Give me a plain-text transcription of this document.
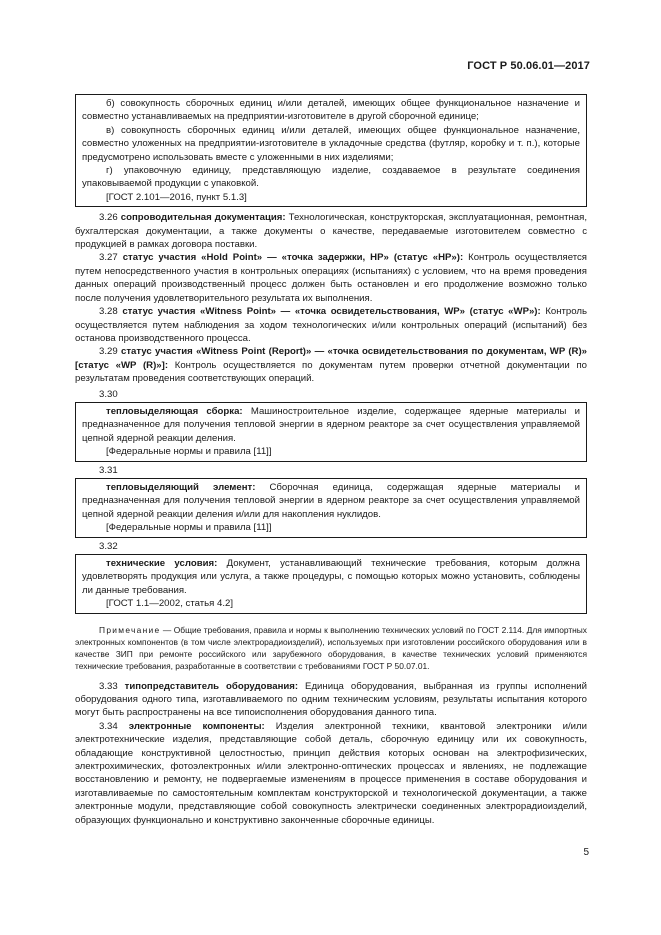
ГОСТ Р 50.06.01—2017

б) совокупность сборочных единиц и/или деталей, имеющих общее функциональное назначение и совместно устанавливаемых на предприятии-изготовителе в другой сборочной единице;

в) совокупность сборочных единиц и/или деталей, имеющих общее функциональное назначение, совместно уложенных на предприятии-изготовителе в укладочные средства (футляр, коробку и т. п.), которые предусмотрено использовать вместе с уложенными в них изделиями;

г) упаковочную единицу, представляющую изделие, создаваемое в результате соединения упаковываемой продукции с упаковкой.

[ГОСТ 2.101—2016, пункт 5.1.3]

3.26 сопроводительная документация: Технологическая, конструкторская, эксплуатационная, ремонтная, бухгалтерская документации, а также документы о качестве, передаваемые изготовителем совместно с продукцией в рамках договора поставки.

3.27 статус участия «Hold Point» — «точка задержки, HP» (статус «HP»): Контроль осуществляется путем непосредственного участия в контрольных операциях (испытаниях) с условием, что на время проведения данных операций производственный процесс должен быть остановлен и его продолжение возможно только после получения удовлетворительного результата их выполнения.

3.28 статус участия «Witness Point» — «точка освидетельствования, WP» (статус «WP»): Контроль осуществляется путем наблюдения за ходом технологических и/или контрольных операций (испытаний) без останова производственного процесса.

3.29 статус участия «Witness Point (Report)» — «точка освидетельствования по документам, WP (R)» [статус «WP (R)»]: Контроль осуществляется по документам путем проверки отчетной документации по результатам проведения соответствующих операций.

3.30

тепловыделяющая сборка: Машиностроительное изделие, содержащее ядерные материалы и предназначенное для получения тепловой энергии в ядерном реакторе за счет осуществления управляемой цепной ядерной реакции деления.

[Федеральные нормы и правила [11]]

3.31

тепловыделяющий элемент: Сборочная единица, содержащая ядерные материалы и предназначенная для получения тепловой энергии в ядерном реакторе за счет осуществления управляемой цепной ядерной реакции деления и/или для накопления нуклидов.

[Федеральные нормы и правила [11]]

3.32

технические условия: Документ, устанавливающий технические требования, которым должна удовлетворять продукция или услуга, а также процедуры, с помощью которых можно установить, соблюдены ли данные требования.

[ГОСТ 1.1—2002, статья 4.2]

Примечание — Общие требования, правила и нормы к выполнению технических условий по ГОСТ 2.114. Для импортных электронных компонентов (в том числе электрорадиоизделий), используемых при изготовлении российского оборудования или в качестве ЗИП при ремонте российского или зарубежного оборудования, в качестве технических условий применяются технические требования, разработанные в соответствии с требованиями ГОСТ Р 50.07.01.

3.33 типопредставитель оборудования: Единица оборудования, выбранная из группы исполнений оборудования одного типа, изготавливаемого по одним техническим условиям, результаты испытания которого могут быть распространены на все типоисполнения оборудования данного типа.

3.34 электронные компоненты: Изделия электронной техники, квантовой электроники и/или электротехнические изделия, представляющие собой деталь, сборочную единицу или их совокупность, обладающие конструктивной целостностью, принцип действия которых основан на электрофизических, электрохимических, фотоэлектронных и/или электронно-оптических процессах и явлениях, не подлежащие восстановлению и ремонту, не подвергаемые изменениям в процессе применения в составе оборудования и изготавливаемые по самостоятельным комплектам конструкторской и технологической документации, а также электронные модули, представляющие собой совокупность электрически соединенных электрорадиоизделий, образующих функционально и конструктивно законченные сборочные единицы.

5
